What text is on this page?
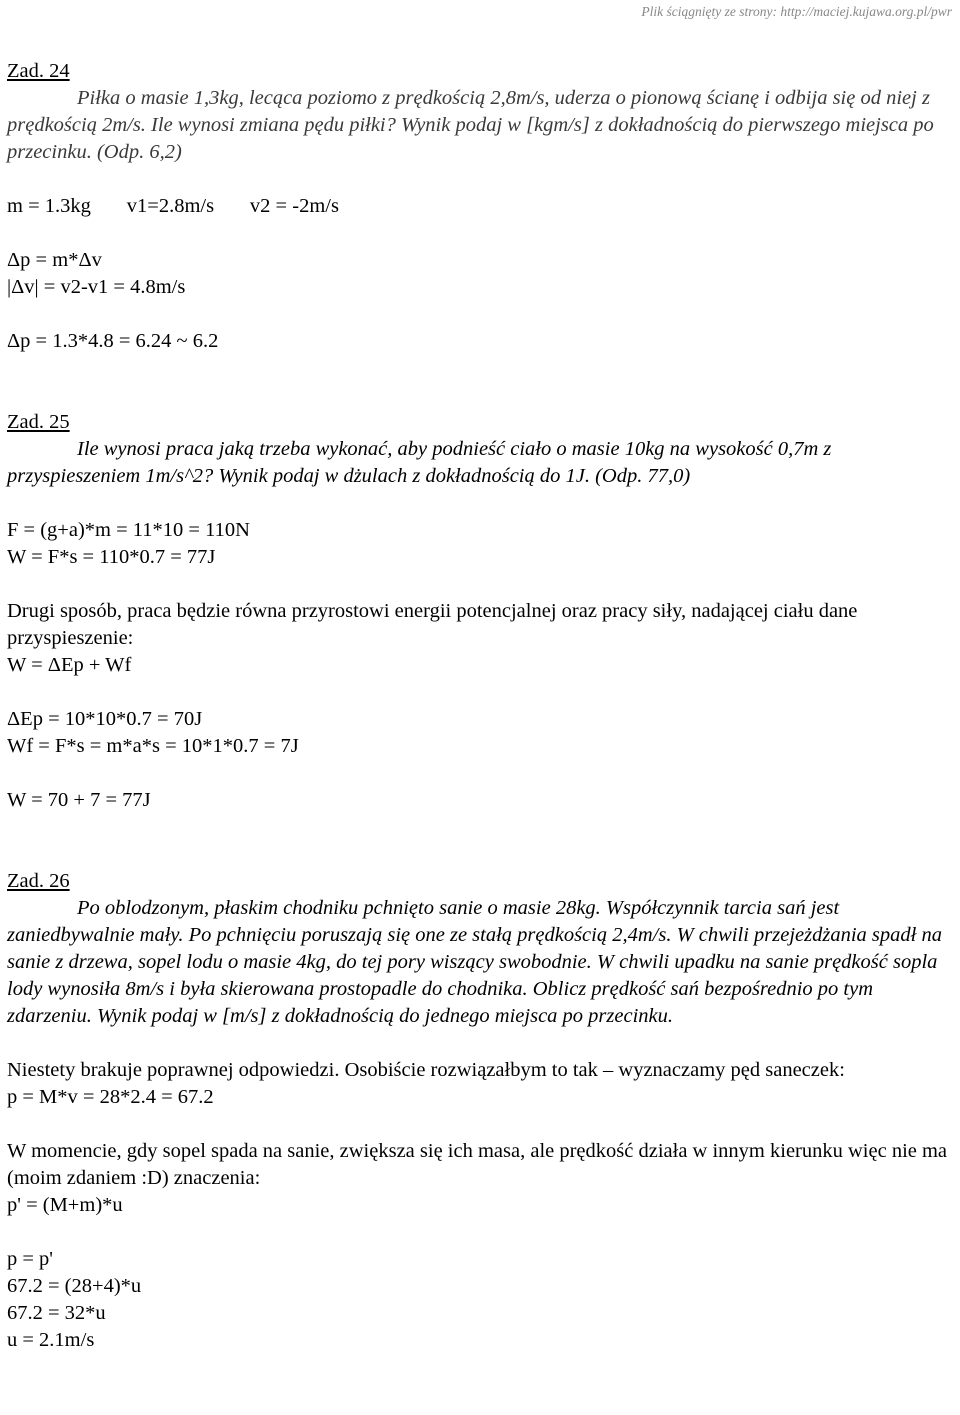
Plik ściągnięty ze strony: http://maciej.kujawa.org.pl/pwr

Zad. 24

Piłka o masie 1,3kg, lecąca poziomo z prędkością 2,8m/s, uderza o pionową ścianę i odbija się od niej z prędkością 2m/s. Ile wynosi zmiana pędu piłki? Wynik podaj w [kgm/s] z dokładnością do pierwszego miejsca po przecinku. (Odp. 6,2)

m = 1.3kg       v1=2.8m/s       v2 = -2m/s

Δp = m*Δv

|Δv| = v2-v1 = 4.8m/s

Δp = 1.3*4.8 = 6.24 ~ 6.2

Zad. 25

Ile wynosi praca jaką trzeba wykonać, aby podnieść ciało o masie 10kg na wysokość 0,7m z przyspieszeniem 1m/s^2? Wynik podaj w dżulach z dokładnością do 1J. (Odp. 77,0)

F = (g+a)*m = 11*10 = 110N

W = F*s = 110*0.7 = 77J

Drugi sposób, praca będzie równa przyrostowi energii potencjalnej oraz pracy siły, nadającej ciału dane przyspieszenie:

W = ΔEp + Wf

ΔEp = 10*10*0.7 = 70J

Wf = F*s = m*a*s = 10*1*0.7 = 7J

W = 70 + 7 = 77J

Zad. 26

Po oblodzonym, płaskim chodniku pchnięto sanie o masie 28kg. Współczynnik tarcia sań jest zaniedbywalnie mały. Po pchnięciu poruszają się one ze stałą prędkością 2,4m/s. W chwili przejeżdżania spadł na sanie z drzewa, sopel lodu o masie 4kg, do tej pory wiszący swobodnie. W chwili upadku na sanie prędkość sopla lody wynosiła 8m/s i była skierowana prostopadle do chodnika. Oblicz prędkość sań bezpośrednio po tym zdarzeniu. Wynik podaj w [m/s] z dokładnością do jednego miejsca po przecinku.

Niestety brakuje poprawnej odpowiedzi. Osobiście rozwiązałbym to tak – wyznaczamy pęd saneczek:

p = M*v = 28*2.4 = 67.2

W momencie, gdy sopel spada na sanie, zwiększa się ich masa, ale prędkość działa w innym kierunku więc nie ma (moim zdaniem :D) znaczenia:

p' = (M+m)*u

p = p'

67.2 = (28+4)*u

67.2 = 32*u

u = 2.1m/s
